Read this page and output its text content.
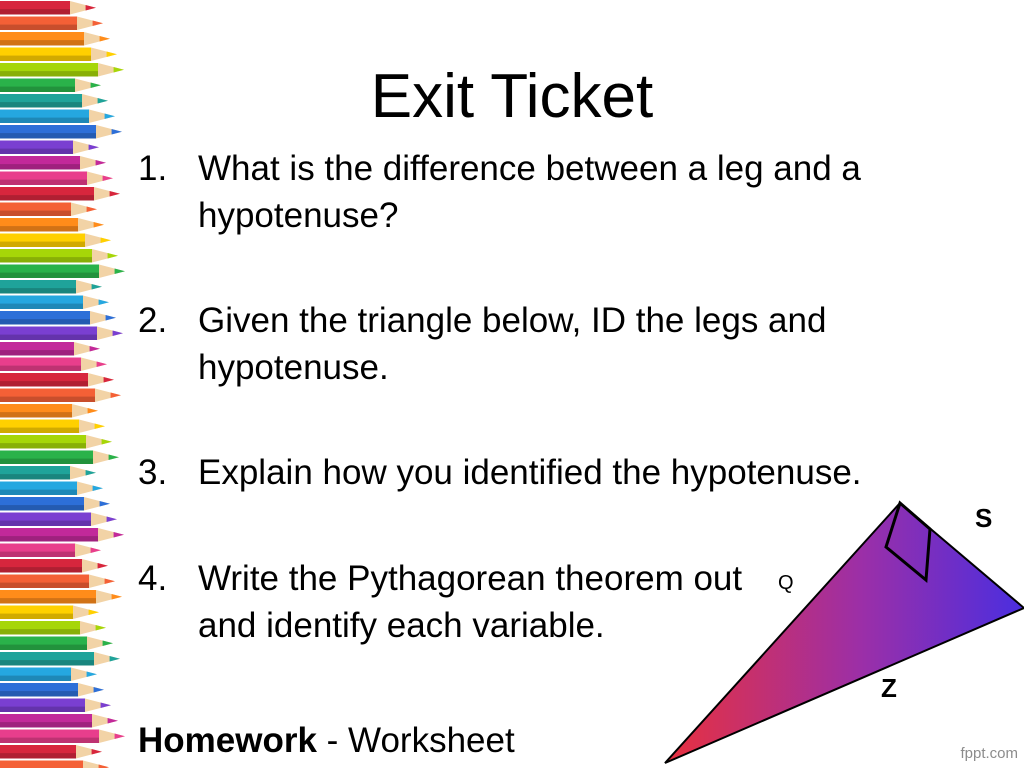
Exit Ticket
1. What is the difference between a leg and a hypotenuse?
2. Given the triangle below, ID the legs and hypotenuse.
3. Explain how you identified the hypotenuse.
4. Write the Pythagorean theorem out and identify each variable.
Homework - Worksheet
S
Q
Z
fppt.com
